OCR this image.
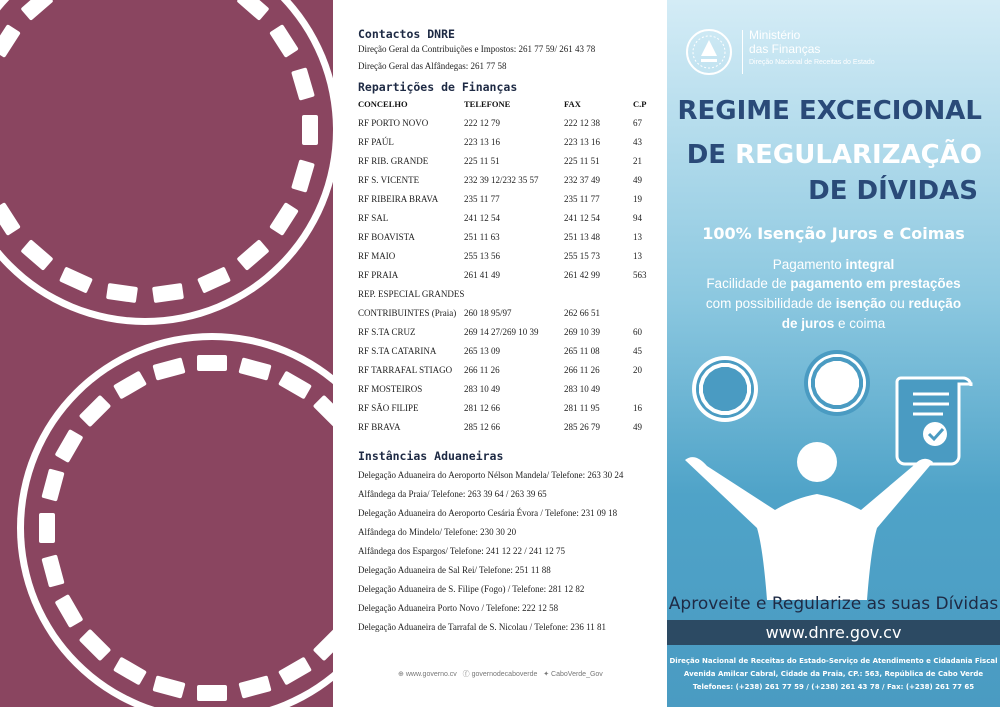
Contactos DNRE
Direção Geral da Contribuições e Impostos: 261 77 59/ 261 43 78
Direção Geral das Alfândegas: 261 77 58
Repartições de Finanças
CONCELHO	TELEFONE	FAX	C.P
RF PORTO NOVO	222 12 79	222 12 38	67
RF PAÚL	223 13 16	223 13 16	43
RF RIB. GRANDE	225 11 51	225 11 51	21
RF S. VICENTE	232 39 12/232 35 57	232 37 49	49
RF RIBEIRA BRAVA	235 11 77	235 11 77	19
RF SAL	241 12 54	241 12 54	94
RF BOAVISTA	251 11 63	251 13 48	13
RF MAIO	255 13 56	255 15 73	13
RF PRAIA	261 41 49	261 42 99	563
REP. ESPECIAL GRANDES
CONTRIBUINTES (Praia) 260 18 95/97	262 66 51
RF S.TA CRUZ	269 14 27/269 10 39	269 10 39	60
RF S.TA CATARINA	265 13 09	265 11 08	45
RF TARRAFAL STIAGO 266 11 26	266 11 26	20
RF MOSTEIROS	283 10 49	283 10 49
RF SÃO FILIPE	281 12 66	281 11 95	16
RF BRAVA	285 12 66	285 26 79	49
Instâncias Aduaneiras
Delegação Aduaneira do Aeroporto Nélson Mandela/ Telefone: 263 30 24
Alfândega da Praia/ Telefone: 263 39 64 / 263 39 65
Delegação Aduaneira do Aeroporto Cesária Évora / Telefone: 231 09 18
Alfândega do Mindelo/ Telefone: 230 30 20
Alfândega dos Espargos/ Telefone: 241 12 22 / 241 12 75
Delegação Aduaneira de Sal Rei/ Telefone: 251 11 88
Delegação Aduaneira de S. Filipe (Fogo) / Telefone: 281 12 82
Delegação Aduaneira Porto Novo / Telefone: 222 12 58
Delegação Aduaneira de Tarrafal de S. Nicolau / Telefone: 236 11 81
⊕ www.governo.cv ⓕ governodecaboverde ✦ CaboVerde_Gov
Ministério
das Finanças
Direção Nacional de Receitas do Estado
REGIME EXCECIONAL
DE REGULARIZAÇÃO
DE DÍVIDAS
100% Isenção Juros e Coimas
Pagamento integral
Facilidade de pagamento em prestações
com possibilidade de isenção ou redução
de juros e coima
Aproveite e Regularize as suas Dívidas
www.dnre.gov.cv
Direção Nacional de Receitas do Estado-Serviço de Atendimento e Cidadania Fiscal
Avenida Amilcar Cabral, Cidade da Praia, CP.: 563, República de Cabo Verde
Telefones: (+238) 261 77 59 / (+238) 261 43 78 / Fax: (+238) 261 77 65
